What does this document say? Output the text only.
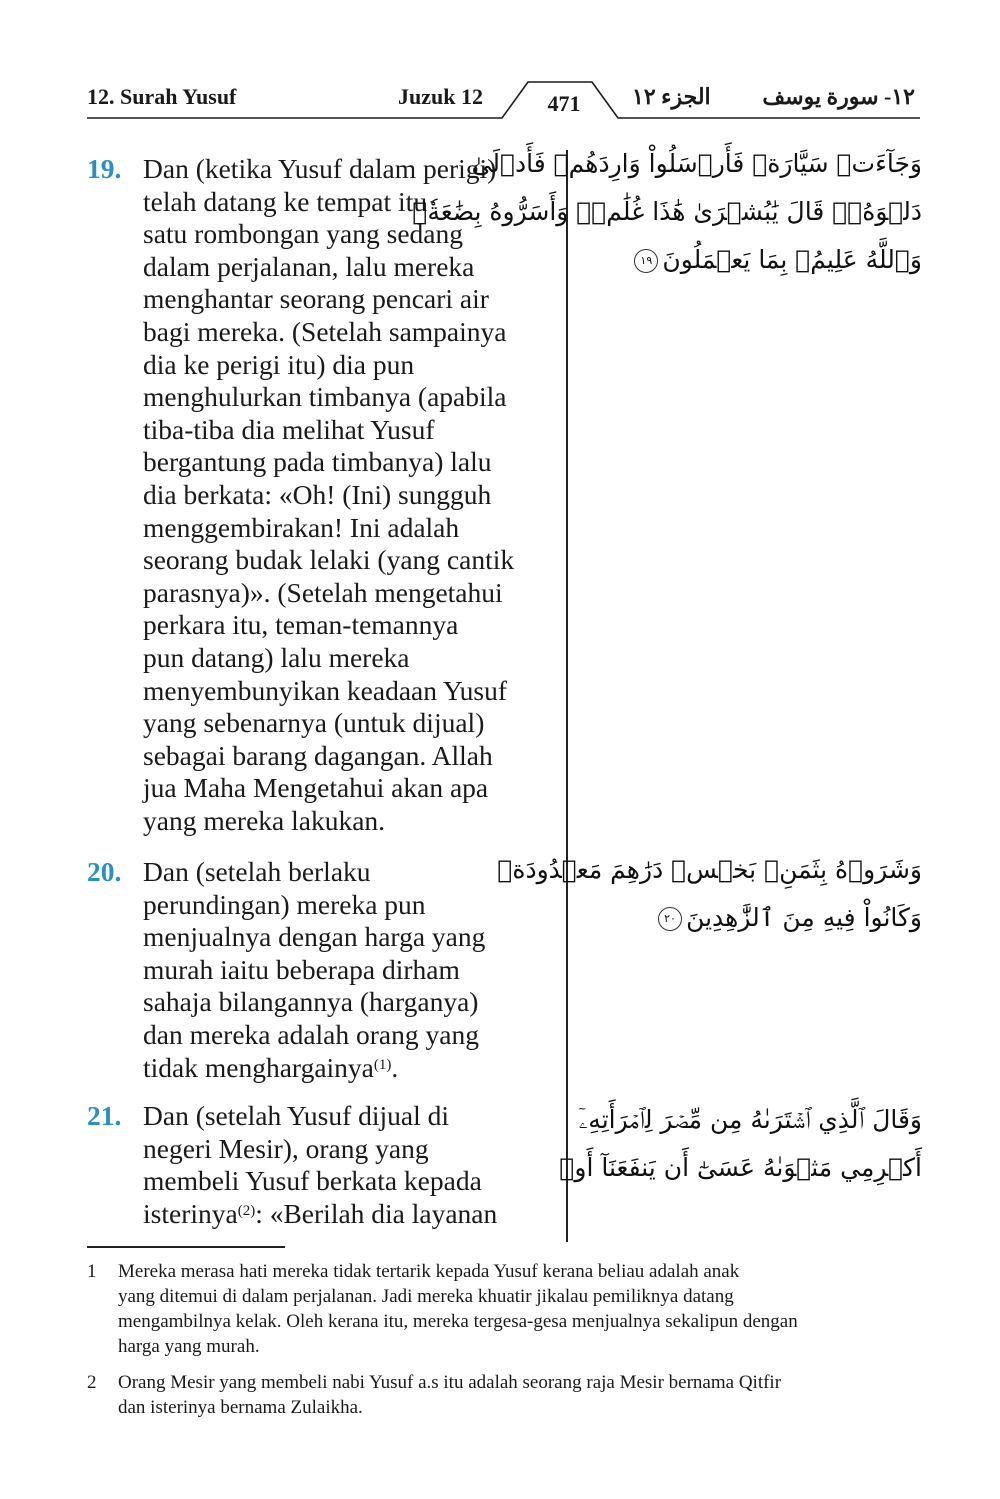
12. Surah Yusuf	Juzuk 12	471	الجزء ١٢ ١٢- سورة يوسف
19. Dan (ketika Yusuf dalam perigi)
telah datang ke tempat itu
satu rombongan yang sedang
dalam perjalanan, lalu mereka
menghantar seorang pencari air
bagi mereka. (Setelah sampainya
dia ke perigi itu) dia pun
menghulurkan timbanya (apabila
tiba-tiba dia melihat Yusuf
bergantung pada timbanya) lalu
dia berkata: «Oh! (Ini) sungguh
menggembirakan! Ini adalah
seorang budak lelaki (yang cantik
parasnya)». (Setelah mengetahui
perkara itu, teman-temannya
pun datang) lalu mereka
menyembunyikan keadaan Yusuf
yang sebenarnya (untuk dijual)
sebagai barang dagangan. Allah
jua Maha Mengetahui akan apa
yang mereka lakukan.
20. Dan (setelah berlaku
perundingan) mereka pun
menjualnya dengan harga yang
murah iaitu beberapa dirham
sahaja bilangannya (harganya)
dan mereka adalah orang yang
tidak menghargainya$^{(1)}$.
21. Dan (setelah Yusuf dijual di
negeri Mesir), orang yang
membeli Yusuf berkata kepada
isterinya$^{(2)}$: «Berilah dia layanan
وَجَآءَتۡ سَيَّارَةٞ فَأَرۡسَلُواْ وَارِدَهُمۡ فَأَدۡلَىٰ
دَلۡوَهُۥۖ قَالَ يَٰبُشۡرَىٰ هَٰذَا غُلَٰمٞۚ وَأَسَرُّوهُ بِضَٰعَةٗۚ
وَٱللَّهُ عَلِيمُۢ بِمَا يَعۡمَلُونَ١٩
وَشَرَوۡهُ بِثَمَنِۭ بَخۡسٖ دَرَٰهِمَ مَعۡدُودَةٖ
وَكَانُواْ فِيهِ مِنَ ٱلزَّٰهِدِينَ٢٠
وَقَالَ ٱلَّذِي ٱشۡتَرَىٰهُ مِن مِّصۡرَ لِٱمۡرَأَتِهِۦٓ
أَكۡرِمِي مَثۡوَىٰهُ عَسَىٰٓ أَن يَنفَعَنَآ أَوۡ
1 Mereka merasa hati mereka tidak tertarik kepada Yusuf kerana beliau adalah anak
yang ditemui di dalam perjalanan. Jadi mereka khuatir jikalau pemiliknya datang
mengambilnya kelak. Oleh kerana itu, mereka tergesa-gesa menjualnya sekalipun dengan
harga yang murah.
2 Orang Mesir yang membeli nabi Yusuf a.s itu adalah seorang raja Mesir bernama Qitfir
dan isterinya bernama Zulaikha.
